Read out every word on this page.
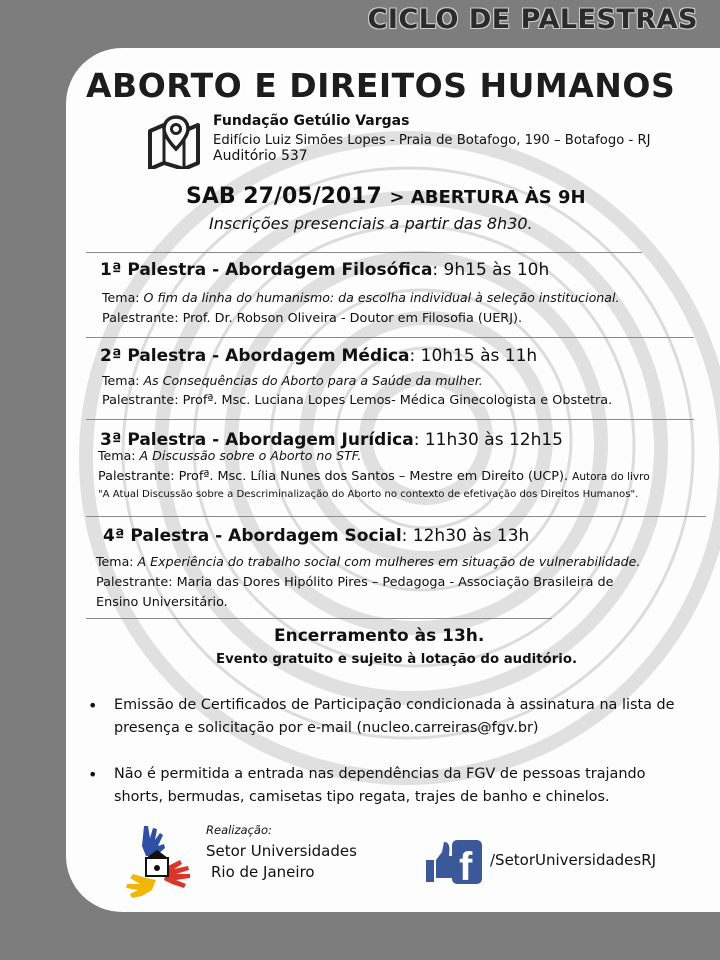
CICLO DE PALESTRAS
ABORTO E DIREITOS HUMANOS
Fundação Getúlio Vargas
Edifício Luiz Simões Lopes - Praia de Botafogo, 190 – Botafogo - RJ
Auditório 537
SAB 27/05/2017 > ABERTURA ÀS 9H
Inscrições presenciais a partir das 8h30.
1ª Palestra - Abordagem Filosófica: 9h15 às 10h
Tema: O fim da linha do humanismo: da escolha individual à seleção institucional.
Palestrante: Prof. Dr. Robson Oliveira - Doutor em Filosofia (UERJ).
2ª Palestra - Abordagem Médica: 10h15 às 11h
Tema: As Consequências do Aborto para a Saúde da mulher.
Palestrante: Profª. Msc. Luciana Lopes Lemos- Médica Ginecologista e Obstetra.
3ª Palestra - Abordagem Jurídica: 11h30 às 12h15
Tema: A Discussão sobre o Aborto no STF.
Palestrante: Profª. Msc. Lília Nunes dos Santos – Mestre em Direito (UCP). Autora do livro
"A Atual Discussão sobre a Descriminalização do Aborto no contexto de efetivação dos Direitos Humanos".
4ª Palestra - Abordagem Social: 12h30 às 13h
Tema: A Experiência do trabalho social com mulheres em situação de vulnerabilidade.
Palestrante: Maria das Dores Hipólito Pires – Pedagoga - Associação Brasileira de
Ensino Universitário.
Encerramento às 13h.
Evento gratuito e sujeito à lotação do auditório.
• Emissão de Certificados de Participação condicionada à assinatura na lista de
presença e solicitação por e-mail (nucleo.carreiras@fgv.br)
• Não é permitida a entrada nas dependências da FGV de pessoas trajando
shorts, bermudas, camisetas tipo regata, trajes de banho e chinelos.
Realização:
Setor Universidades
Rio de Janeiro	f /SetorUniversidadesRJ
